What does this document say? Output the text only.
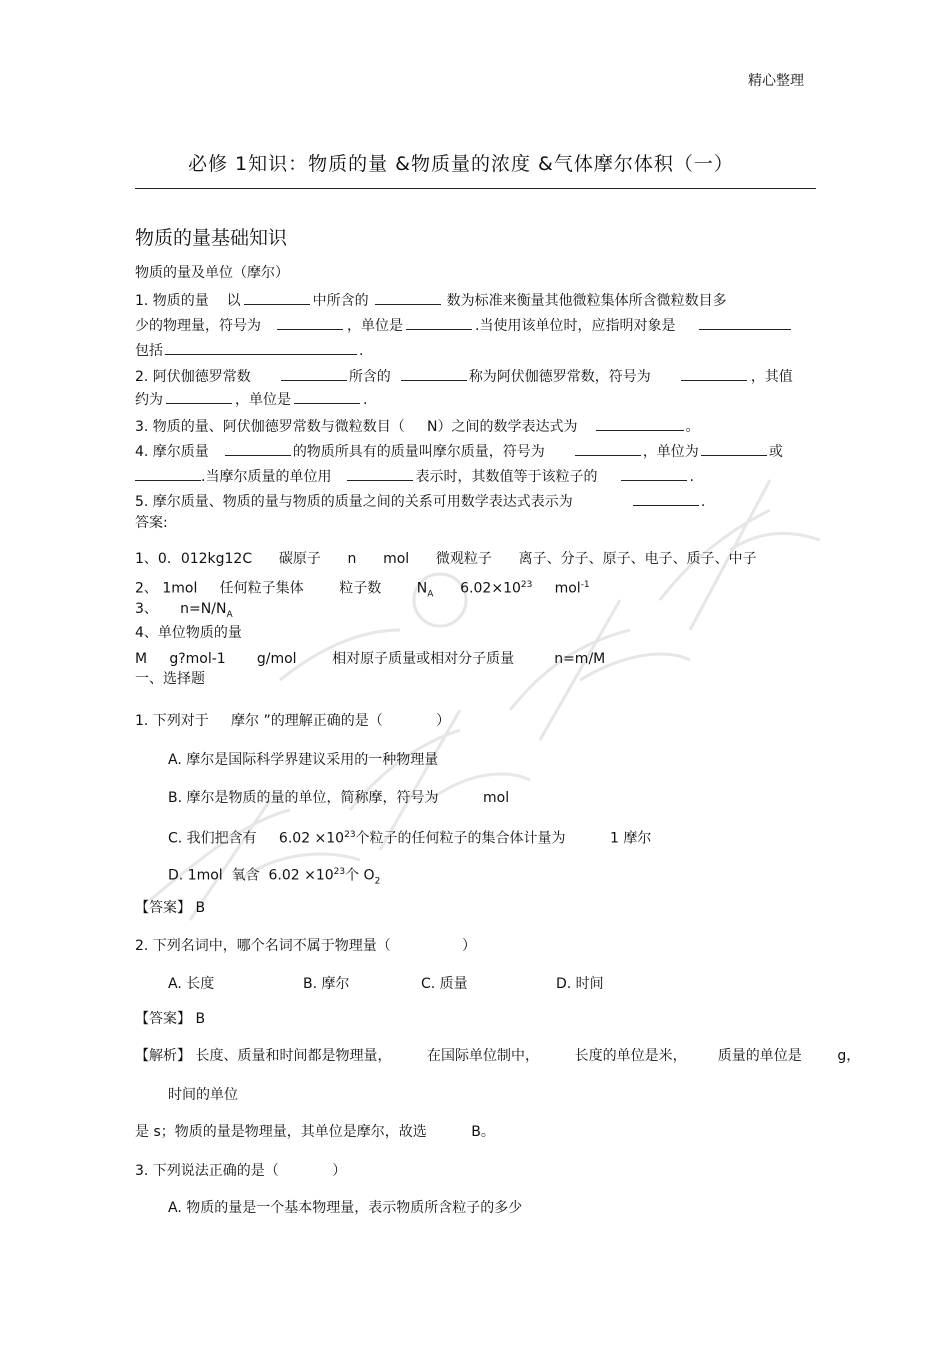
精心整理
必修 1知识：物质的量 &物质量的浓度 &气体摩尔体积（一）
物质的量基础知识
物质的量及单位（摩尔）
1. 物质的量    以	中所含的	数为标准来衡量其他微粒集体所含微粒数目多
少的物理量，符号为	，单位是	.当使用该单位时，应指明对象是
包括	.
2. 阿伏伽德罗常数	所含的	称为阿伏伽德罗常数，符号为	，其值
约为	，单位是	.
3. 物质的量、阿伏伽德罗常数与微粒数目（     N）之间的数学表达式为	。
4. 摩尔质量	的物质所具有的质量叫摩尔质量，符号为	，单位为	或
.当摩尔质量的单位用	表示时，其数值等于该粒子的	.
5. 摩尔质量、物质的量与物质的质量之间的关系可用数学表达式表示为	.
答案:
1、0．012kg12C      碳原子      n      mol      微观粒子      离子、分子、原子、电子、质子、中子
2、 1mol     任何粒子集体        粒子数        $N_A$      $6.02\times 10^{23}$     mol$^{-1}$
3、     $n=N/N_A$
4、单位物质的量
M     g?mol-1       g/mol        相对原子质量或相对分子质量         n=m/M
一、选择题
1. 下列对于     摩尔 ”的理解正确的是（            ）
A. 摩尔是国际科学界建议采用的一种物理量
B. 摩尔是物质的量的单位，简称摩，符号为          mol
C. 我们把含有     $6.02 \times 10^{23}$个粒子的任何粒子的集合体计量为          1 摩尔
D. 1mol  氧含  $6.02 \times 10^{23}$个 $O_2$
【答案】 B
2. 下列名词中，哪个名词不属于物理量（                ）
A. 长度	B. 摩尔	C. 质量	D. 时间
【答案】 B
【解析】 长度、质量和时间都是物理量，        在国际单位制中，        长度的单位是米，       质量的单位是        g，
时间的单位
是 s；物质的量是物理量，其单位是摩尔，故选          B。
3. 下列说法正确的是（            ）
A. 物质的量是一个基本物理量，表示物质所含粒子的多少
